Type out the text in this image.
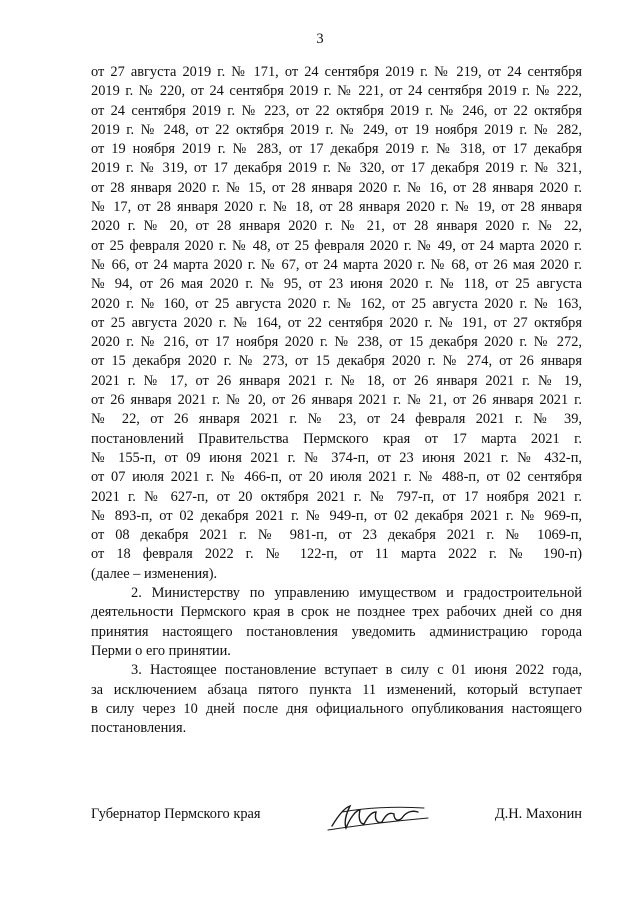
3
от 27 августа 2019 г. № 171, от 24 сентября 2019 г. № 219, от 24 сентября
2019 г. № 220, от 24 сентября 2019 г. № 221, от 24 сентября 2019 г. № 222,
от 24 сентября 2019 г. № 223, от 22 октября 2019 г. № 246, от 22 октября
2019 г. № 248, от 22 октября 2019 г. № 249, от 19 ноября 2019 г. № 282,
от 19 ноября 2019 г. № 283, от 17 декабря 2019 г. № 318, от 17 декабря
2019 г. № 319, от 17 декабря 2019 г. № 320, от 17 декабря 2019 г. № 321,
от 28 января 2020 г. № 15, от 28 января 2020 г. № 16, от 28 января 2020 г.
№ 17, от 28 января 2020 г. № 18, от 28 января 2020 г. № 19, от 28 января
2020 г. № 20, от 28 января 2020 г. № 21, от 28 января 2020 г. № 22,
от 25 февраля 2020 г. № 48, от 25 февраля 2020 г. № 49, от 24 марта 2020 г.
№ 66, от 24 марта 2020 г. № 67, от 24 марта 2020 г. № 68, от 26 мая 2020 г.
№ 94, от 26 мая 2020 г. № 95, от 23 июня 2020 г. № 118, от 25 августа
2020 г. № 160, от 25 августа 2020 г. № 162, от 25 августа 2020 г. № 163,
от 25 августа 2020 г. № 164, от 22 сентября 2020 г. № 191, от 27 октября
2020 г. № 216, от 17 ноября 2020 г. № 238, от 15 декабря 2020 г. № 272,
от 15 декабря 2020 г. № 273, от 15 декабря 2020 г. № 274, от 26 января
2021 г. № 17, от 26 января 2021 г. № 18, от 26 января 2021 г. № 19,
от 26 января 2021 г. № 20, от 26 января 2021 г. № 21, от 26 января 2021 г.
№ 22, от 26 января 2021 г. № 23, от 24 февраля 2021 г. № 39,
постановлений Правительства Пермского края от 17 марта 2021 г.
№ 155-п, от 09 июня 2021 г. № 374-п, от 23 июня 2021 г. № 432-п,
от 07 июля 2021 г. № 466-п, от 20 июля 2021 г. № 488-п, от 02 сентября
2021 г. № 627-п, от 20 октября 2021 г. № 797-п, от 17 ноября 2021 г.
№ 893-п, от 02 декабря 2021 г. № 949-п, от 02 декабря 2021 г. № 969-п,
от 08 декабря 2021 г. № 981-п, от 23 декабря 2021 г. № 1069-п,
от 18 февраля 2022 г. № 122-п, от 11 марта 2022 г. № 190-п)
(далее – изменения).
2. Министерству по управлению имуществом и градостроительной
деятельности Пермского края в срок не позднее трех рабочих дней со дня
принятия настоящего постановления уведомить администрацию города
Перми о его принятии.
3. Настоящее постановление вступает в силу с 01 июня 2022 года,
за исключением абзаца пятого пункта 11 изменений, который вступает
в силу через 10 дней после дня официального опубликования настоящего
постановления.
Губернатор Пермского края	Д.Н. Махонин
